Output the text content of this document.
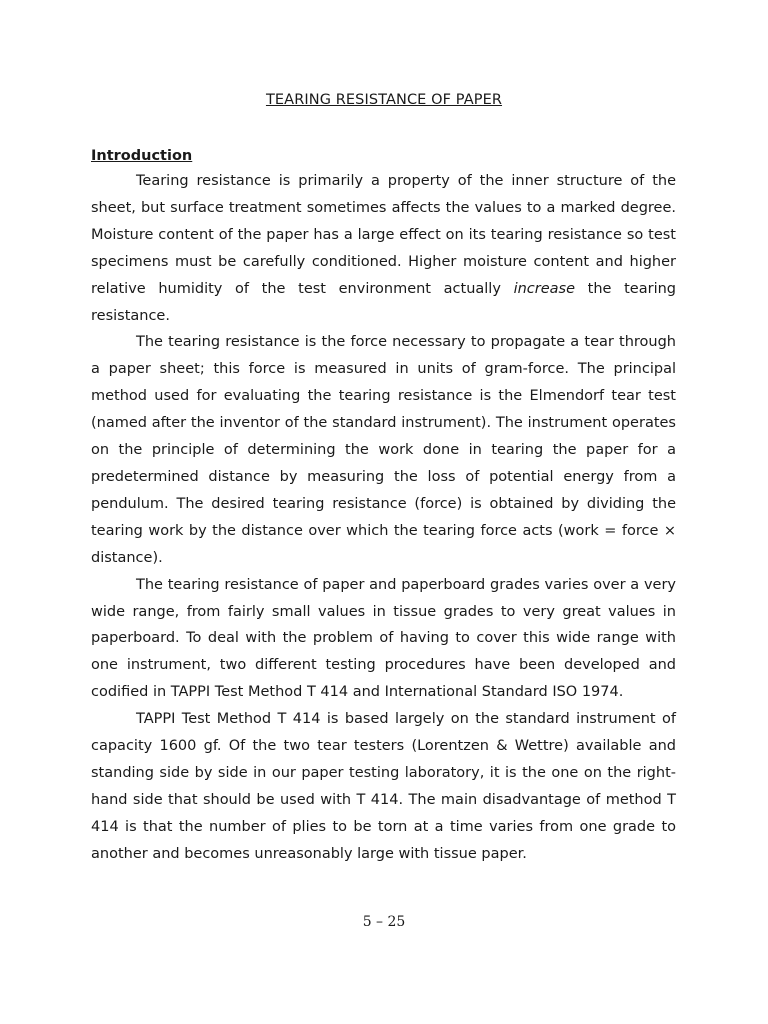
TEARING RESISTANCE OF PAPER
Introduction

Tearing resistance is primarily a property of the inner structure of the sheet, but surface treatment sometimes affects the values to a marked degree. Moisture content of the paper has a large effect on its tearing resistance so test specimens must be carefully conditioned. Higher moisture content and higher relative humidity of the test environment actually increase the tearing resistance.

The tearing resistance is the force necessary to propagate a tear through a paper sheet; this force is measured in units of gram-force. The principal method used for evaluating the tearing resistance is the Elmendorf tear test (named after the inventor of the standard instrument). The instrument operates on the principle of determining the work done in tearing the paper for a predetermined distance by measuring the loss of potential energy from a pendulum. The desired tearing resistance (force) is obtained by dividing the tearing work by the distance over which the tearing force acts (work = force × distance).

The tearing resistance of paper and paperboard grades varies over a very wide range, from fairly small values in tissue grades to very great values in paperboard. To deal with the problem of having to cover this wide range with one instrument, two different testing procedures have been developed and codified in TAPPI Test Method T 414 and International Standard ISO 1974.

TAPPI Test Method T 414 is based largely on the standard instrument of capacity 1600 gf. Of the two tear testers (Lorentzen & Wettre) available and standing side by side in our paper testing laboratory, it is the one on the right-hand side that should be used with T 414. The main disadvantage of method T 414 is that the number of plies to be torn at a time varies from one grade to another and becomes unreasonably large with tissue paper.

5 – 25
